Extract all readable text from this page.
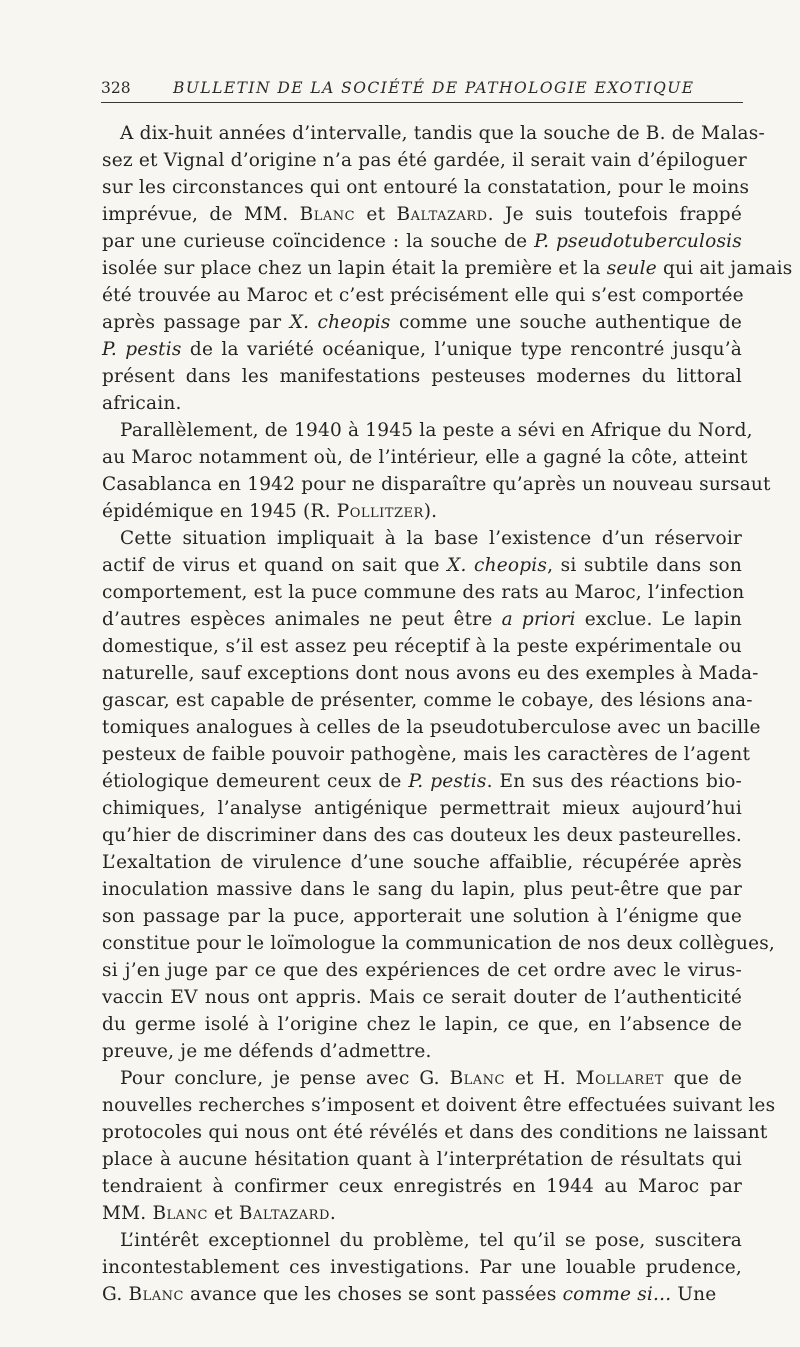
328	BULLETIN DE LA SOCIÉTÉ DE PATHOLOGIE EXOTIQUE
A dix-huit années d’intervalle, tandis que la souche de B. de Malas-
sez et Vignal d’origine n’a pas été gardée, il serait vain d’épiloguer
sur les circonstances qui ont entouré la constatation, pour le moins
imprévue, de MM. Blanc et Baltazard. Je suis toutefois frappé
par une curieuse coïncidence : la souche de P. pseudotuberculosis
isolée sur place chez un lapin était la première et la seule qui ait jamais
été trouvée au Maroc et c’est précisément elle qui s’est comportée
après passage par X. cheopis comme une souche authentique de
P. pestis de la variété océanique, l’unique type rencontré jusqu’à
présent dans les manifestations pesteuses modernes du littoral
africain.
Parallèlement, de 1940 à 1945 la peste a sévi en Afrique du Nord,
au Maroc notamment où, de l’intérieur, elle a gagné la côte, atteint
Casablanca en 1942 pour ne disparaître qu’après un nouveau sursaut
épidémique en 1945 (R. Pollitzer).
Cette situation impliquait à la base l’existence d’un réservoir
actif de virus et quand on sait que X. cheopis, si subtile dans son
comportement, est la puce commune des rats au Maroc, l’infection
d’autres espèces animales ne peut être a priori exclue. Le lapin
domestique, s’il est assez peu réceptif à la peste expérimentale ou
naturelle, sauf exceptions dont nous avons eu des exemples à Mada-
gascar, est capable de présenter, comme le cobaye, des lésions ana-
tomiques analogues à celles de la pseudotuberculose avec un bacille
pesteux de faible pouvoir pathogène, mais les caractères de l’agent
étiologique demeurent ceux de P. pestis. En sus des réactions bio-
chimiques, l’analyse antigénique permettrait mieux aujourd’hui
qu’hier de discriminer dans des cas douteux les deux pasteurelles.
L’exaltation de virulence d’une souche affaiblie, récupérée après
inoculation massive dans le sang du lapin, plus peut-être que par
son passage par la puce, apporterait une solution à l’énigme que
constitue pour le loïmologue la communication de nos deux collègues,
si j’en juge par ce que des expériences de cet ordre avec le virus-
vaccin EV nous ont appris. Mais ce serait douter de l’authenticité
du germe isolé à l’origine chez le lapin, ce que, en l’absence de
preuve, je me défends d’admettre.
Pour conclure, je pense avec G. Blanc et H. Mollaret que de
nouvelles recherches s’imposent et doivent être effectuées suivant les
protocoles qui nous ont été révélés et dans des conditions ne laissant
place à aucune hésitation quant à l’interprétation de résultats qui
tendraient à confirmer ceux enregistrés en 1944 au Maroc par
MM. Blanc et Baltazard.
L’intérêt exceptionnel du problème, tel qu’il se pose, suscitera
incontestablement ces investigations. Par une louable prudence,
G. Blanc avance que les choses se sont passées comme si... Une
